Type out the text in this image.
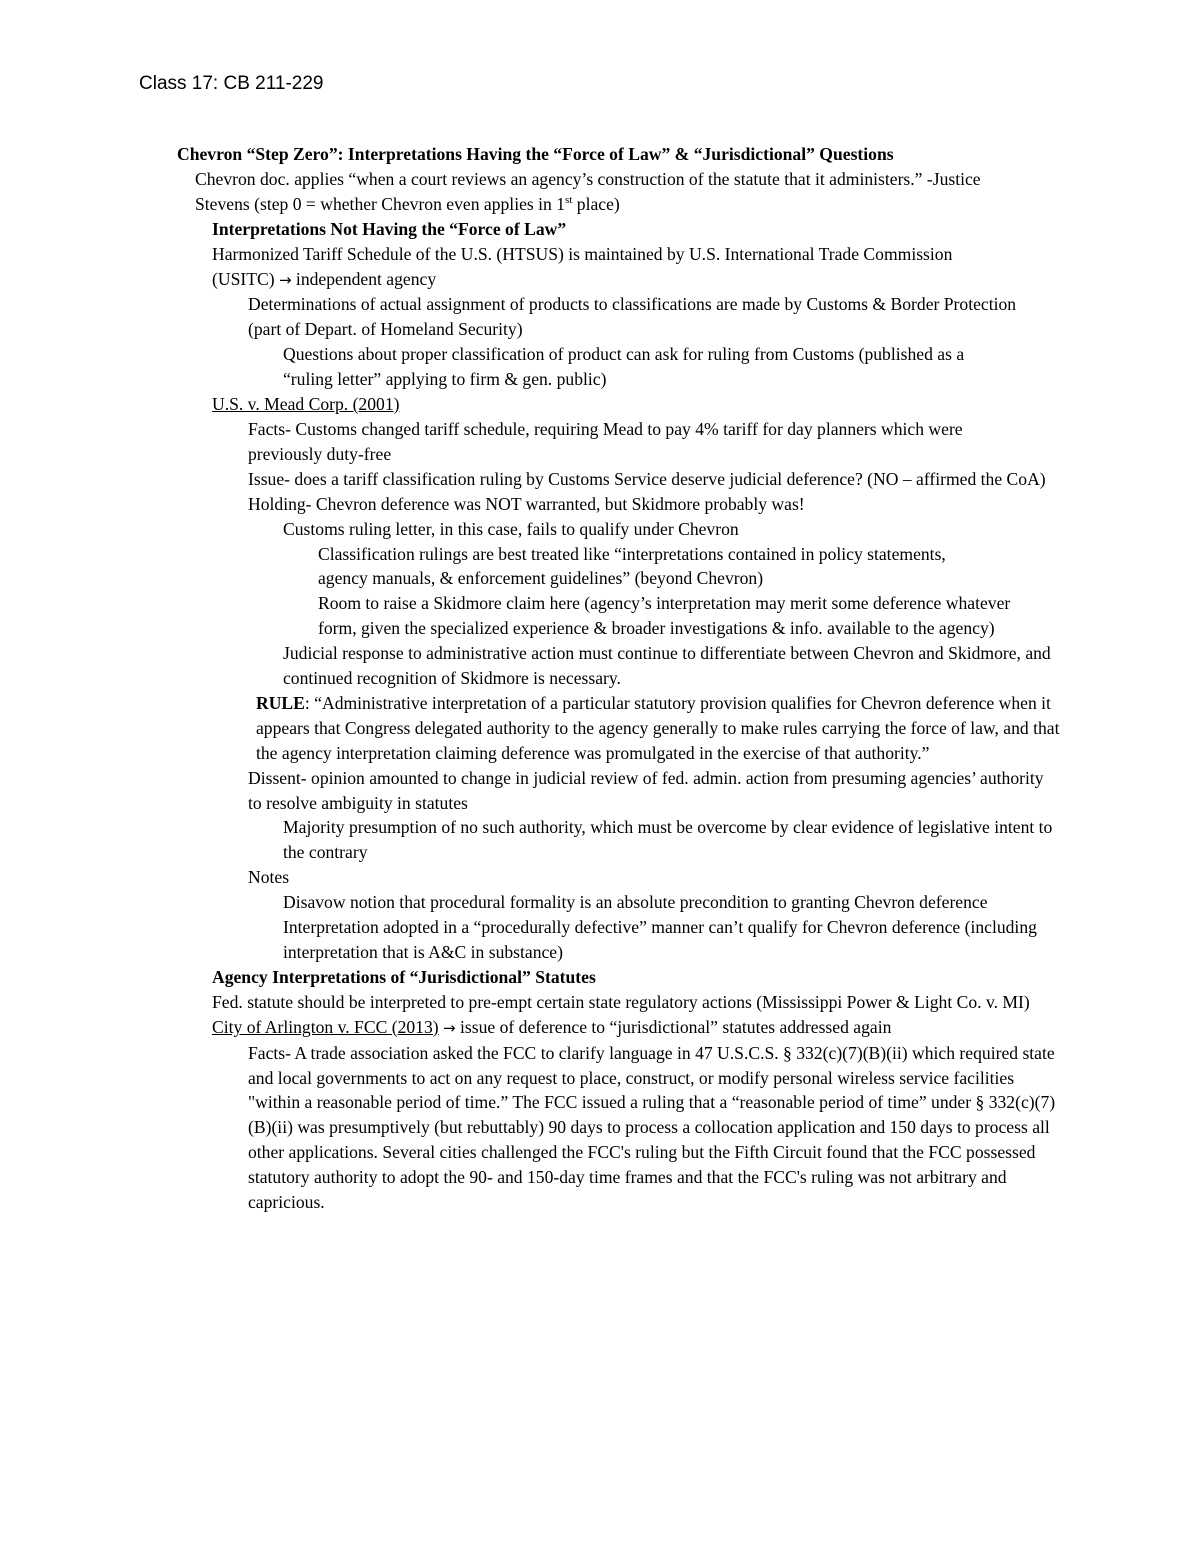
Class 17: CB 211-229
Chevron “Step Zero”: Interpretations Having the “Force of Law” & “Jurisdictional” Questions
Chevron doc. applies “when a court reviews an agency’s construction of the statute that it administers.” -Justice Stevens (step 0 = whether Chevron even applies in 1st place)
Interpretations Not Having the “Force of Law”
Harmonized Tariff Schedule of the U.S. (HTSUS) is maintained by U.S. International Trade Commission (USITC) → independent agency
Determinations of actual assignment of products to classifications are made by Customs & Border Protection (part of Depart. of Homeland Security)
Questions about proper classification of product can ask for ruling from Customs (published as a “ruling letter” applying to firm & gen. public)
U.S. v. Mead Corp. (2001)
Facts- Customs changed tariff schedule, requiring Mead to pay 4% tariff for day planners which were previously duty-free
Issue- does a tariff classification ruling by Customs Service deserve judicial deference? (NO – affirmed the CoA)
Holding- Chevron deference was NOT warranted, but Skidmore probably was!
Customs ruling letter, in this case, fails to qualify under Chevron
Classification rulings are best treated like “interpretations contained in policy statements, agency manuals, & enforcement guidelines” (beyond Chevron)
Room to raise a Skidmore claim here (agency’s interpretation may merit some deference whatever form, given the specialized experience & broader investigations & info. available to the agency)
Judicial response to administrative action must continue to differentiate between Chevron and Skidmore, and continued recognition of Skidmore is necessary.
RULE: “Administrative interpretation of a particular statutory provision qualifies for Chevron deference when it appears that Congress delegated authority to the agency generally to make rules carrying the force of law, and that the agency interpretation claiming deference was promulgated in the exercise of that authority.”
Dissent- opinion amounted to change in judicial review of fed. admin. action from presuming agencies’ authority to resolve ambiguity in statutes
Majority presumption of no such authority, which must be overcome by clear evidence of legislative intent to the contrary
Notes
Disavow notion that procedural formality is an absolute precondition to granting Chevron deference
Interpretation adopted in a “procedurally defective” manner can’t qualify for Chevron deference (including interpretation that is A&C in substance)
Agency Interpretations of “Jurisdictional” Statutes
Fed. statute should be interpreted to pre-empt certain state regulatory actions (Mississippi Power & Light Co. v. MI)
City of Arlington v. FCC (2013) → issue of deference to “jurisdictional” statutes addressed again
Facts- A trade association asked the FCC to clarify language in 47 U.S.C.S. § 332(c)(7)(B)(ii) which required state and local governments to act on any request to place, construct, or modify personal wireless service facilities "within a reasonable period of time.” The FCC issued a ruling that a “reasonable period of time” under § 332(c)(7)(B)(ii) was presumptively (but rebuttably) 90 days to process a collocation application and 150 days to process all other applications. Several cities challenged the FCC's ruling but the Fifth Circuit found that the FCC possessed statutory authority to adopt the 90- and 150-day time frames and that the FCC's ruling was not arbitrary and capricious.
